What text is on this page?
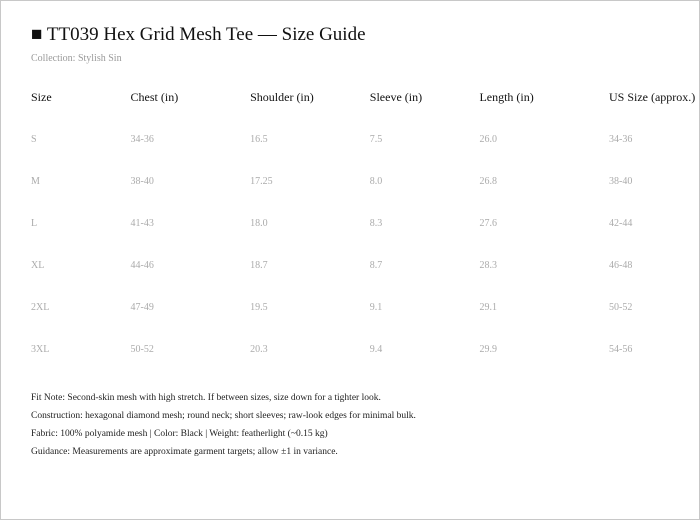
■ TT039 Hex Grid Mesh Tee — Size Guide
Collection: Stylish Sin
Size	Chest (in)	Shoulder (in)	Sleeve (in)	Length (in)	US Size (approx.)
S	34-36	16.5	7.5	26.0	34-36
M	38-40	17.25	8.0	26.8	38-40
L	41-43	18.0	8.3	27.6	42-44
XL	44-46	18.7	8.7	28.3	46-48
2XL	47-49	19.5	9.1	29.1	50-52
3XL	50-52	20.3	9.4	29.9	54-56
Fit Note: Second-skin mesh with high stretch. If between sizes, size down for a tighter look.
Construction: hexagonal diamond mesh; round neck; short sleeves; raw-look edges for minimal bulk.
Fabric: 100% polyamide mesh | Color: Black | Weight: featherlight (~0.15 kg)
Guidance: Measurements are approximate garment targets; allow ±1 in variance.
